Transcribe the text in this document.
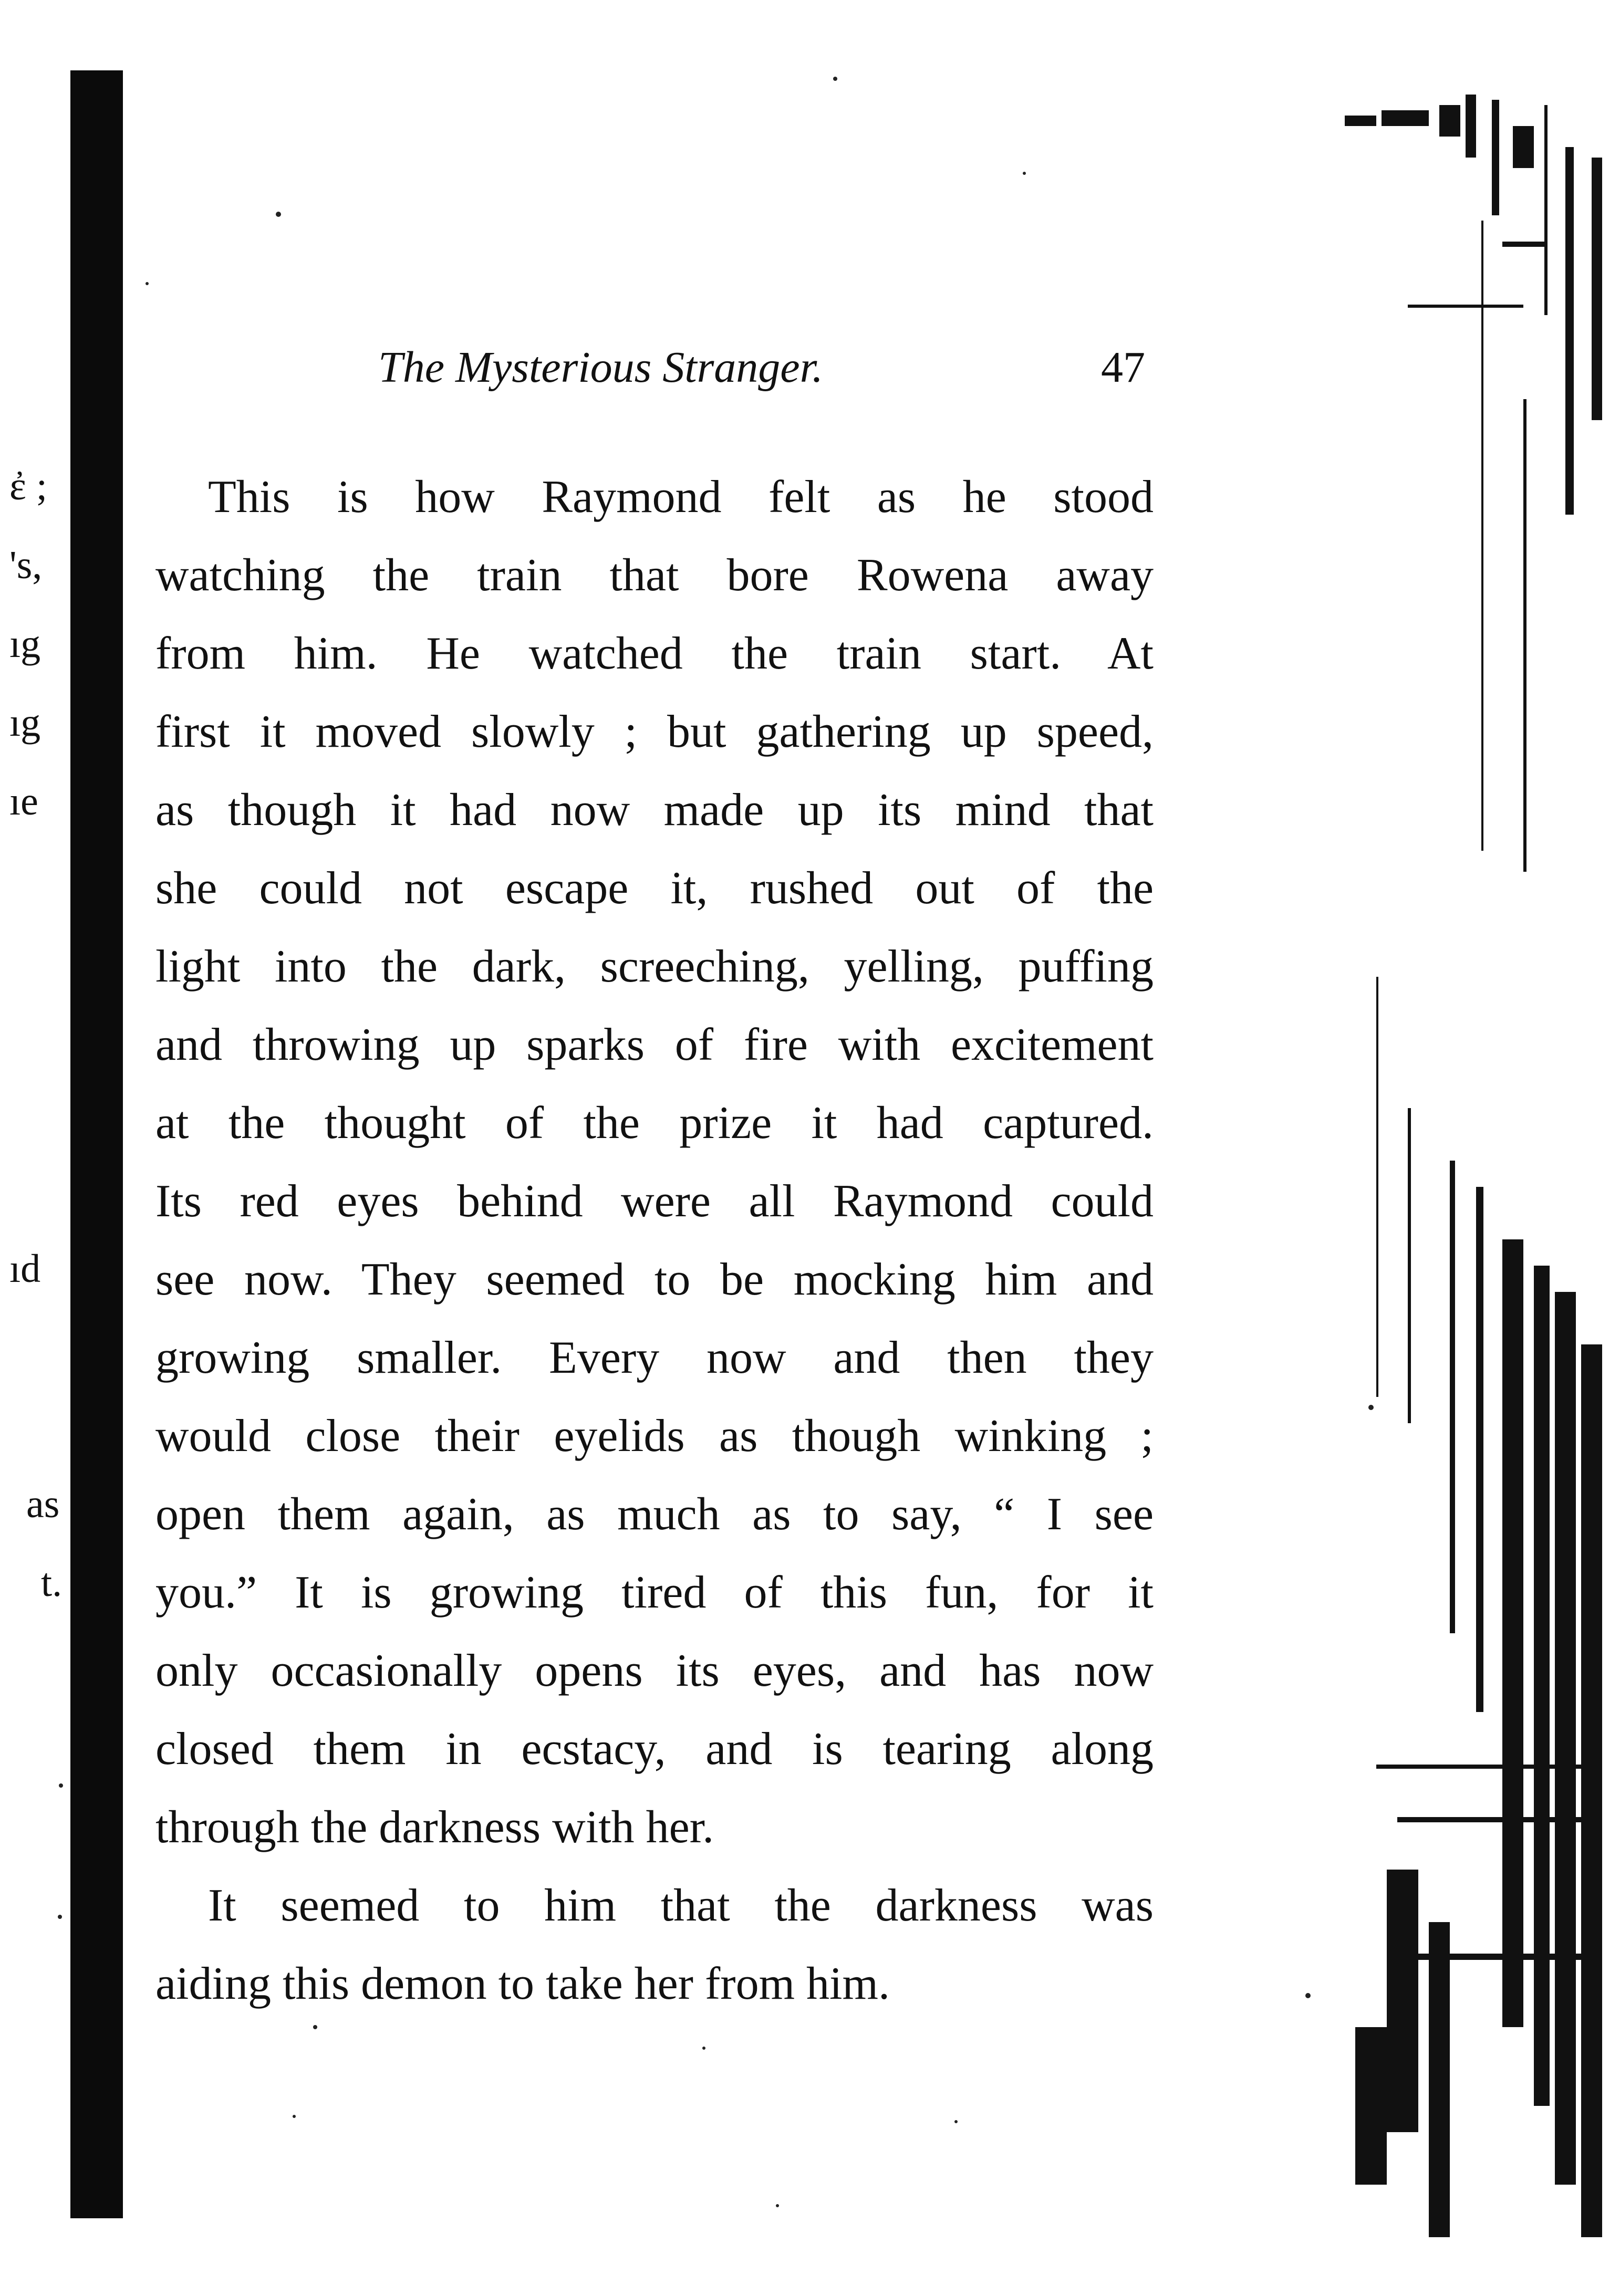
ἐ ;
's,
ıg
ıg
ıe
ıd
as
t.
The Mysterious Stranger.	47
This is how Raymond felt as he stood
watching the train that bore Rowena away
from him. He watched the train start. At
first it moved slowly ; but gathering up speed,
as though it had now made up its mind that
she could not escape it, rushed out of the
light into the dark, screeching, yelling, puffing
and throwing up sparks of fire with excitement
at the thought of the prize it had captured.
Its red eyes behind were all Raymond could
see now. They seemed to be mocking him and
growing smaller. Every now and then they
would close their eyelids as though winking ;
open them again, as much as to say, “ I see
you.” It is growing tired of this fun, for it
only occasionally opens its eyes, and has now
closed them in ecstacy, and is tearing along
through the darkness with her.
It seemed to him that the darkness was
aiding this demon to take her from him.
